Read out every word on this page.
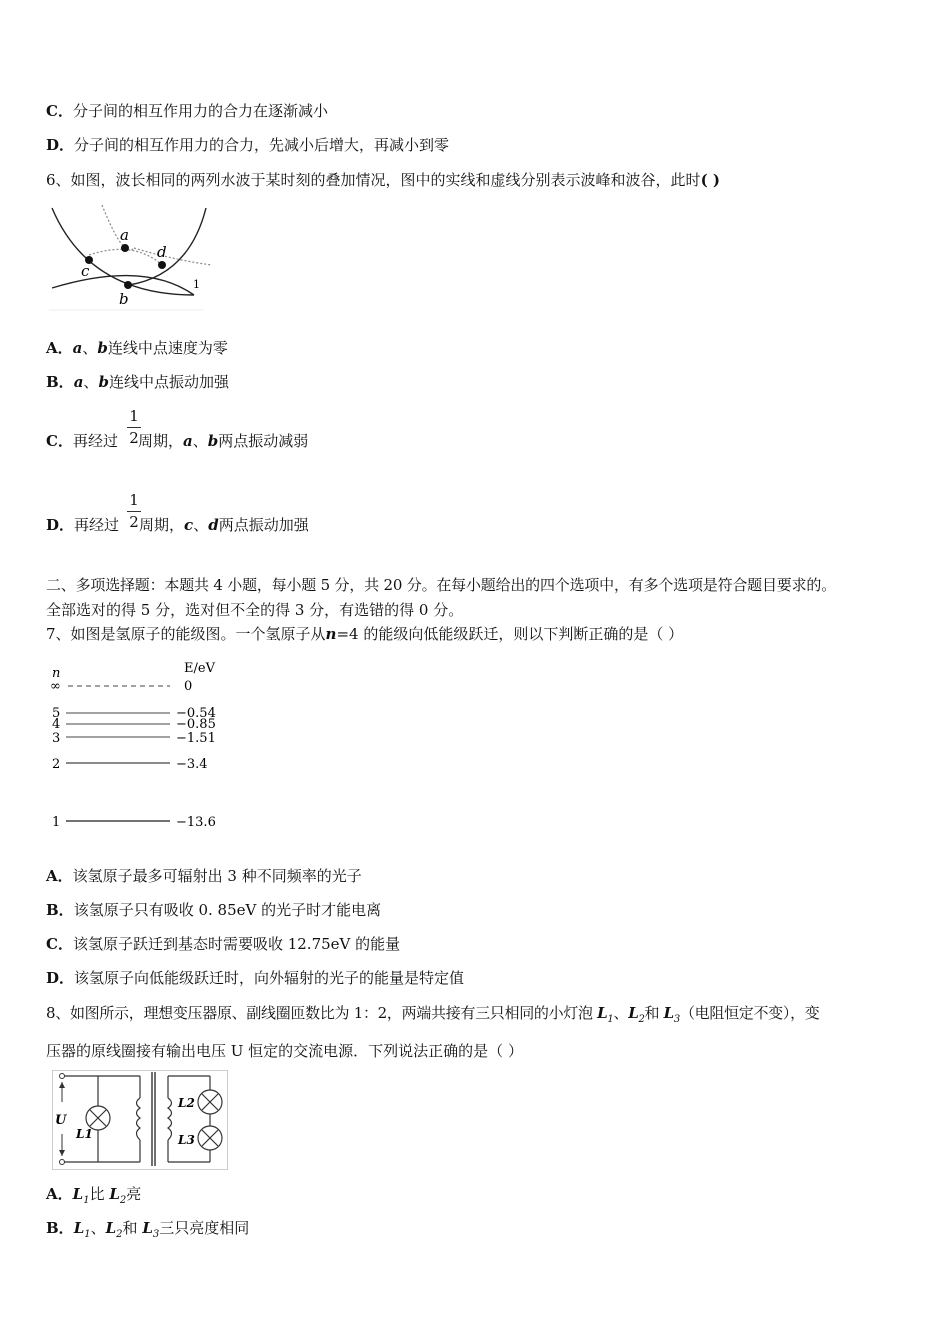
C．分子间的相互作用力的合力在逐渐减小
D．分子间的相互作用力的合力，先减小后增大，再减小到零
6、如图，波长相同的两列水波于某时刻的叠加情况，图中的实线和虚线分别表示波峰和波谷，此时( )
a
c
d
b
1
A．a、b连线中点速度为零
B．a、b连线中点振动加强
C．再经过 周期，a、b两点振动减弱
$\frac{1}{2}$
D．再经过 周期，c、d两点振动加强
$\frac{1}{2}$
二、多项选择题：本题共 4 小题，每小题 5 分，共 20 分。在每小题给出的四个选项中，有多个选项是符合题目要求的。
全部选对的得 5 分，选对但不全的得 3 分，有选错的得 0 分。
7、如图是氢原子的能级图。一个氢原子从n=4 的能级向低能级跃迁，则以下判断正确的是（ ）
n	E/eV
∞	0
5	−0.54
4	−0.85
3	−1.51
2	−3.4
1	−13.6
A．该氢原子最多可辐射出 3 种不同频率的光子
B．该氢原子只有吸收 0. 85eV 的光子时才能电离
C．该氢原子跃迁到基态时需要吸收 12.75eV 的能量
D．该氢原子向低能级跃迁时，向外辐射的光子的能量是特定值
8、如图所示，理想变压器原、副线圈匝数比为 1：2，两端共接有三只相同的小灯泡 $L_1$、$L_2$和 $L_3$（电阻恒定不变），变
压器的原线圈接有输出电压 U 恒定的交流电源．下列说法正确的是（ ）
U
L1
L2
L3
A．$L_1$比 $L_2$亮
B．$L_1$、$L_2$和 $L_3$三只亮度相同
